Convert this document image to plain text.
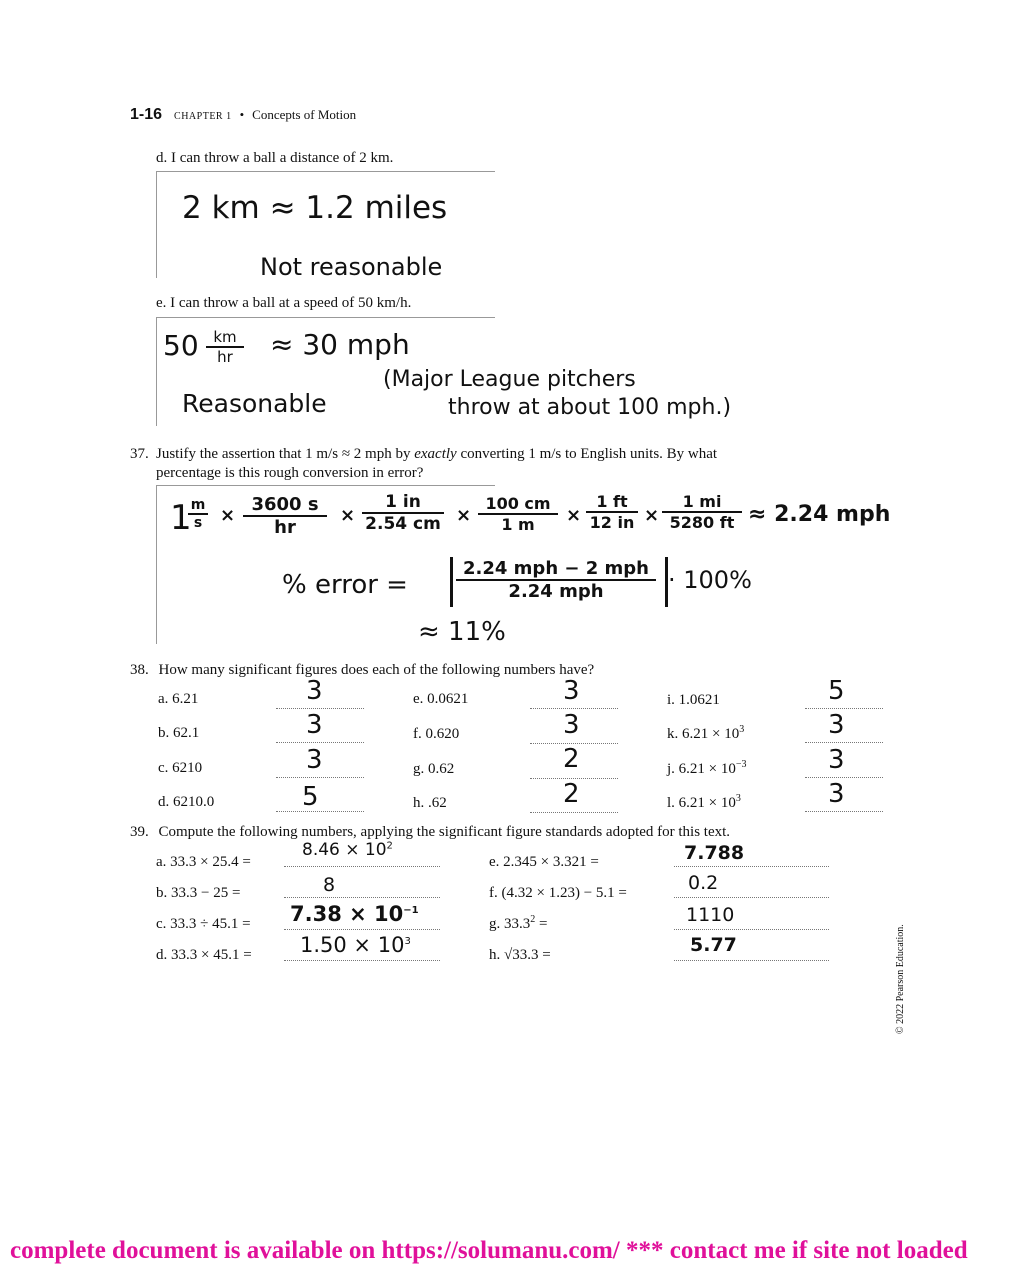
1-16 CHAPTER 1 • Concepts of Motion
d. I can throw a ball a distance of 2 km.
2 km ≈ 1.2 miles
Not reasonable
e. I can throw a ball at a speed of 50 km/h.
$50 \frac{km}{hr} \approx 30$ mph
Reasonable
(Major League pitchers
throw at about 100 mph.)
37. Justify the assertion that 1 m/s ≈ 2 mph by exactly converting 1 m/s to English units. By what
percentage is this rough conversion in error?
1
$\frac{m}{s} \times \frac{3600 s}{hr} \times \frac{1 in}{2.54 cm} \times \frac{100 cm}{1 m} \times \frac{1 ft}{12 in} \times \frac{1 mi}{5280 ft} \approx 2.24$ mph
% error =
2.24 mph − 2 mph
2.24 mph	· 100%
≈ 11%
38. How many significant figures does each of the following numbers have?
a. 6.21	3
b. 62.1	3
c. 6210	3
d. 6210.0	5
e. 0.0621	3
f. 0.620	3
g. 0.62	2
h. .62	2
i. 1.0621	5
k. $6.21 \times 10^3$	3
j. $6.21 \times 10^{-3}$	3
l. $6.21 \times 10^3$	3
39. Compute the following numbers, applying the significant figure standards adopted for this text.
a. 33.3 × 25.4 =
$8.46 \times 10^2$
b. 33.3 − 25 =	8
c. $33.3 \div 45.1 = 7.38 \times 10^{-1}$
d. $33.3 \times 45.1 = 1.50 \times 10^3$
e. 2.345 × 3.321 =	7.788
f. (4.32 × 1.23) − 5.1 =	0.2
g. $33.3^2$ =	1110
h. √33.3 =	5.77	© 2022 Pearson Education.
complete document is available on https://solumanu.com/ *** contact me if site not loaded
